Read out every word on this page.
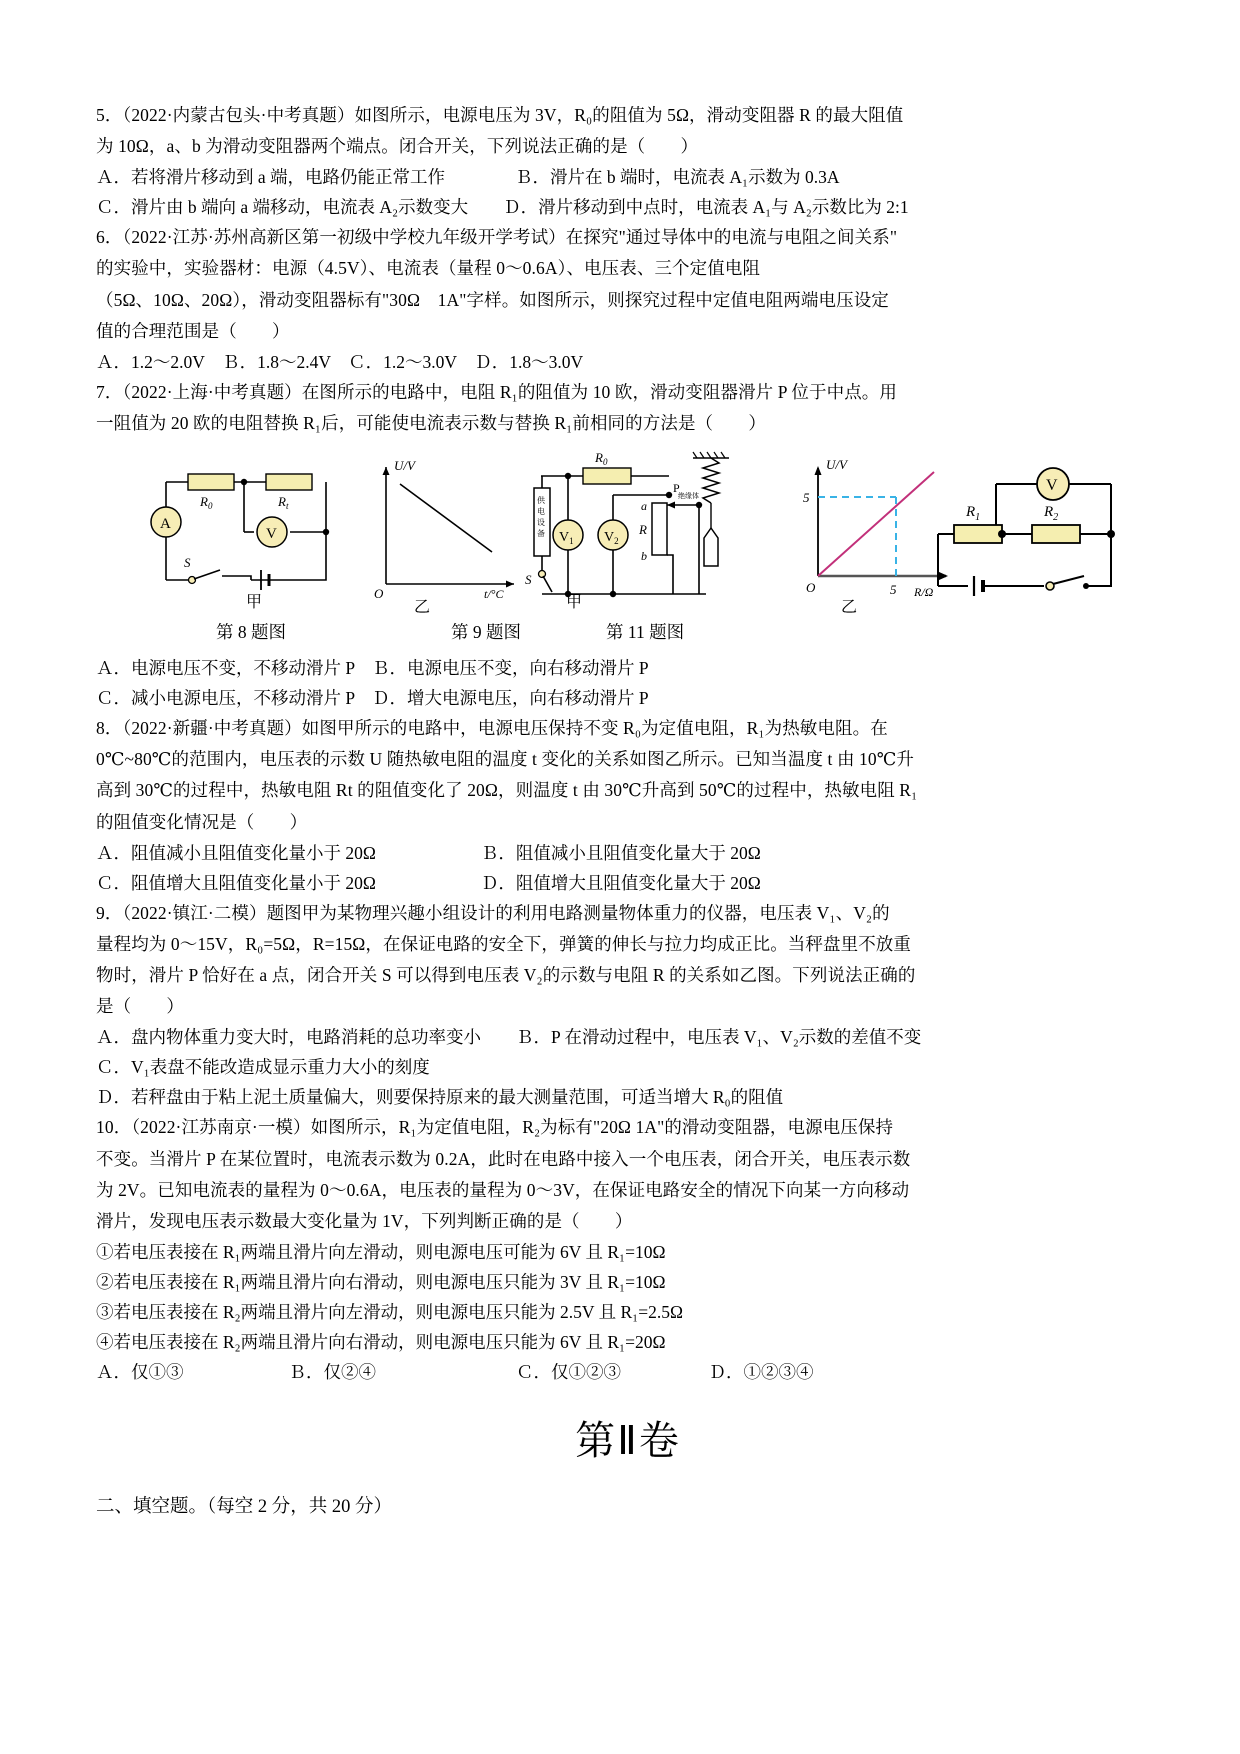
5．（2022·内蒙古包头·中考真题）如图所示，电源电压为 3V，R₀的阻值为 5Ω，滑动变阻器 R 的最大阻值

为 10Ω，a、b 为滑动变阻器两个端点。闭合开关，下列说法正确的是（　　）

Ａ．若将滑片移动到 a 端，电路仍能正常工作　　　　Ｂ．滑片在 b 端时，电流表 A₁示数为 0.3A

Ｃ．滑片由 b 端向 a 端移动，电流表 A₂示数变大　　Ｄ．滑片移动到中点时，电流表 A₁与 A₂示数比为 2:1

6．（2022·江苏·苏州高新区第一初级中学校九年级开学考试）在探究"通过导体中的电流与电阻之间关系"

的实验中，实验器材：电源（4.5V）、电流表（量程 0～0.6A）、电压表、三个定值电阻

（5Ω、10Ω、20Ω），滑动变阻器标有"30Ω　1A"字样。如图所示，则探究过程中定值电阻两端电压设定

值的合理范围是（　　）

Ａ．1.2～2.0V　Ｂ．1.8～2.4V　Ｃ．1.2～3.0V　Ｄ．1.8～3.0V

7．（2022·上海·中考真题）在图所示的电路中，电阻 R₁的阻值为 10 欧，滑动变阻器滑片 P 位于中点。用

一阻值为 20 欧的电阻替换 R₁后，可能使电流表示数与替换 R₁前相同的方法是（　　）

$R_0$	$R_t$
A
V
S
U/V
t/°C
O
供
电
设
备
S
$R_0$
$V_1$ $V_2$
R
a
b
P
绝缘体
U/V
R/Ω
O
5
5
V
$R_1$	$R_2$
甲	乙	甲	乙
第 8 题图	第 9 题图	第 11 题图

Ａ．电源电压不变，不移动滑片 P　Ｂ．电源电压不变，向右移动滑片 P

Ｃ．减小电源电压，不移动滑片 P　Ｄ．增大电源电压，向右移动滑片 P

8．（2022·新疆·中考真题）如图甲所示的电路中，电源电压保持不变 R₀为定值电阻，R₁为热敏电阻。在

0℃~80℃的范围内，电压表的示数 U 随热敏电阻的温度 t 变化的关系如图乙所示。已知当温度 t 由 10℃升

高到 30℃的过程中，热敏电阻 Rt 的阻值变化了 20Ω，则温度 t 由 30℃升高到 50℃的过程中，热敏电阻 R₁

的阻值变化情况是（　　）

Ａ．阻值减小且阻值变化量小于 20Ω　　　　　　Ｂ．阻值减小且阻值变化量大于 20Ω

Ｃ．阻值增大且阻值变化量小于 20Ω　　　　　　Ｄ．阻值增大且阻值变化量大于 20Ω

9．（2022·镇江·二模）题图甲为某物理兴趣小组设计的利用电路测量物体重力的仪器，电压表 V₁、V₂的

量程均为 0～15V，R₀=5Ω，R=15Ω，在保证电路的安全下，弹簧的伸长与拉力均成正比。当秤盘里不放重

物时，滑片 P 恰好在 a 点，闭合开关 S 可以得到电压表 V₂的示数与电阻 R 的关系如乙图。下列说法正确的

是（　　）

Ａ．盘内物体重力变大时，电路消耗的总功率变小　　Ｂ．P 在滑动过程中，电压表 V₁、V₂示数的差值不变

Ｃ．V₁表盘不能改造成显示重力大小的刻度

Ｄ．若秤盘由于粘上泥土质量偏大，则要保持原来的最大测量范围，可适当增大 R₀的阻值

10．（2022·江苏南京·一模）如图所示，R₁为定值电阻，R₂为标有"20Ω 1A"的滑动变阻器，电源电压保持

不变。当滑片 P 在某位置时，电流表示数为 0.2A，此时在电路中接入一个电压表，闭合开关，电压表示数

为 2V。已知电流表的量程为 0～0.6A，电压表的量程为 0～3V，在保证电路安全的情况下向某一方向移动

滑片，发现电压表示数最大变化量为 1V，下列判断正确的是（　　）

①若电压表接在 R₁两端且滑片向左滑动，则电源电压可能为 6V 且 R₁=10Ω

②若电压表接在 R₁两端且滑片向右滑动，则电源电压只能为 3V 且 R₁=10Ω

③若电压表接在 R₂两端且滑片向左滑动，则电源电压只能为 2.5V 且 R₁=2.5Ω

④若电压表接在 R₂两端且滑片向右滑动，则电源电压只能为 6V 且 R₁=20Ω

Ａ．仅①③　　　　　　Ｂ．仅②④　　　　　　　　Ｃ．仅①②③　　　　　Ｄ．①②③④

第Ⅱ卷
二、填空题。（每空 2 分，共 20 分）
